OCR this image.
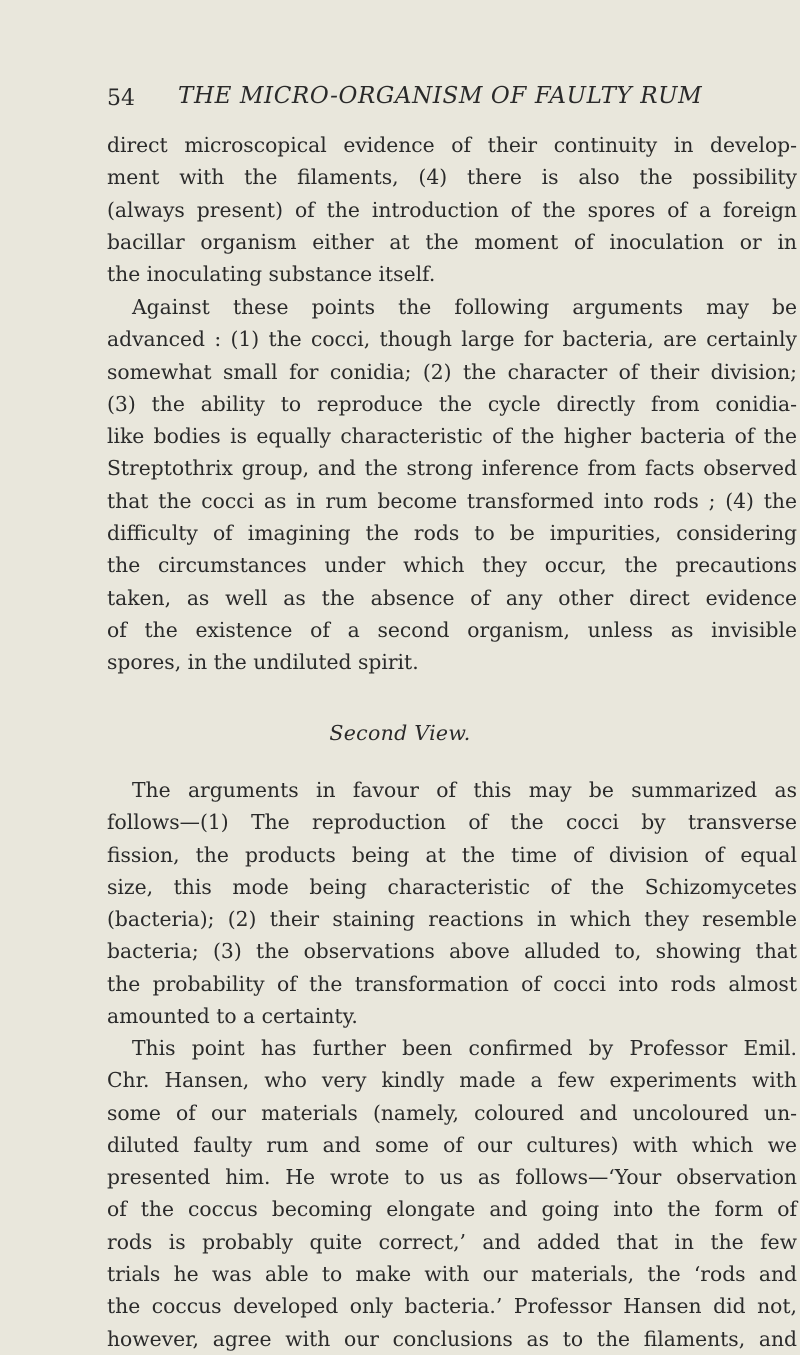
54 THE MICRO-ORGANISM OF FAULTY RUM
direct microscopical evidence of their continuity in develop-
ment with the filaments, (4) there is also the possibility
(always present) of the introduction of the spores of a foreign
bacillar organism either at the moment of inoculation or in
the inoculating substance itself.
Against these points the following arguments may be
advanced : (1) the cocci, though large for bacteria, are certainly
somewhat small for conidia; (2) the character of their division;
(3) the ability to reproduce the cycle directly from conidia-
like bodies is equally characteristic of the higher bacteria of the
Streptothrix group, and the strong inference from facts observed
that the cocci as in rum become transformed into rods ; (4) the
difficulty of imagining the rods to be impurities, considering
the circumstances under which they occur, the precautions
taken, as well as the absence of any other direct evidence
of the existence of a second organism, unless as invisible
spores, in the undiluted spirit.
Second View.
The arguments in favour of this may be summarized as
follows—(1) The reproduction of the cocci by transverse
fission, the products being at the time of division of equal
size, this mode being characteristic of the Schizomycetes
(bacteria); (2) their staining reactions in which they resemble
bacteria; (3) the observations above alluded to, showing that
the probability of the transformation of cocci into rods almost
amounted to a certainty.
This point has further been confirmed by Professor Emil.
Chr. Hansen, who very kindly made a few experiments with
some of our materials (namely, coloured and uncoloured un-
diluted faulty rum and some of our cultures) with which we
presented him. He wrote to us as follows—‘Your observation
of the coccus becoming elongate and going into the form of
rods is probably quite correct,’ and added that in the few
trials he was able to make with our materials, the ‘rods and
the coccus developed only bacteria.’ Professor Hansen did not,
however, agree with our conclusions as to the filaments, and
